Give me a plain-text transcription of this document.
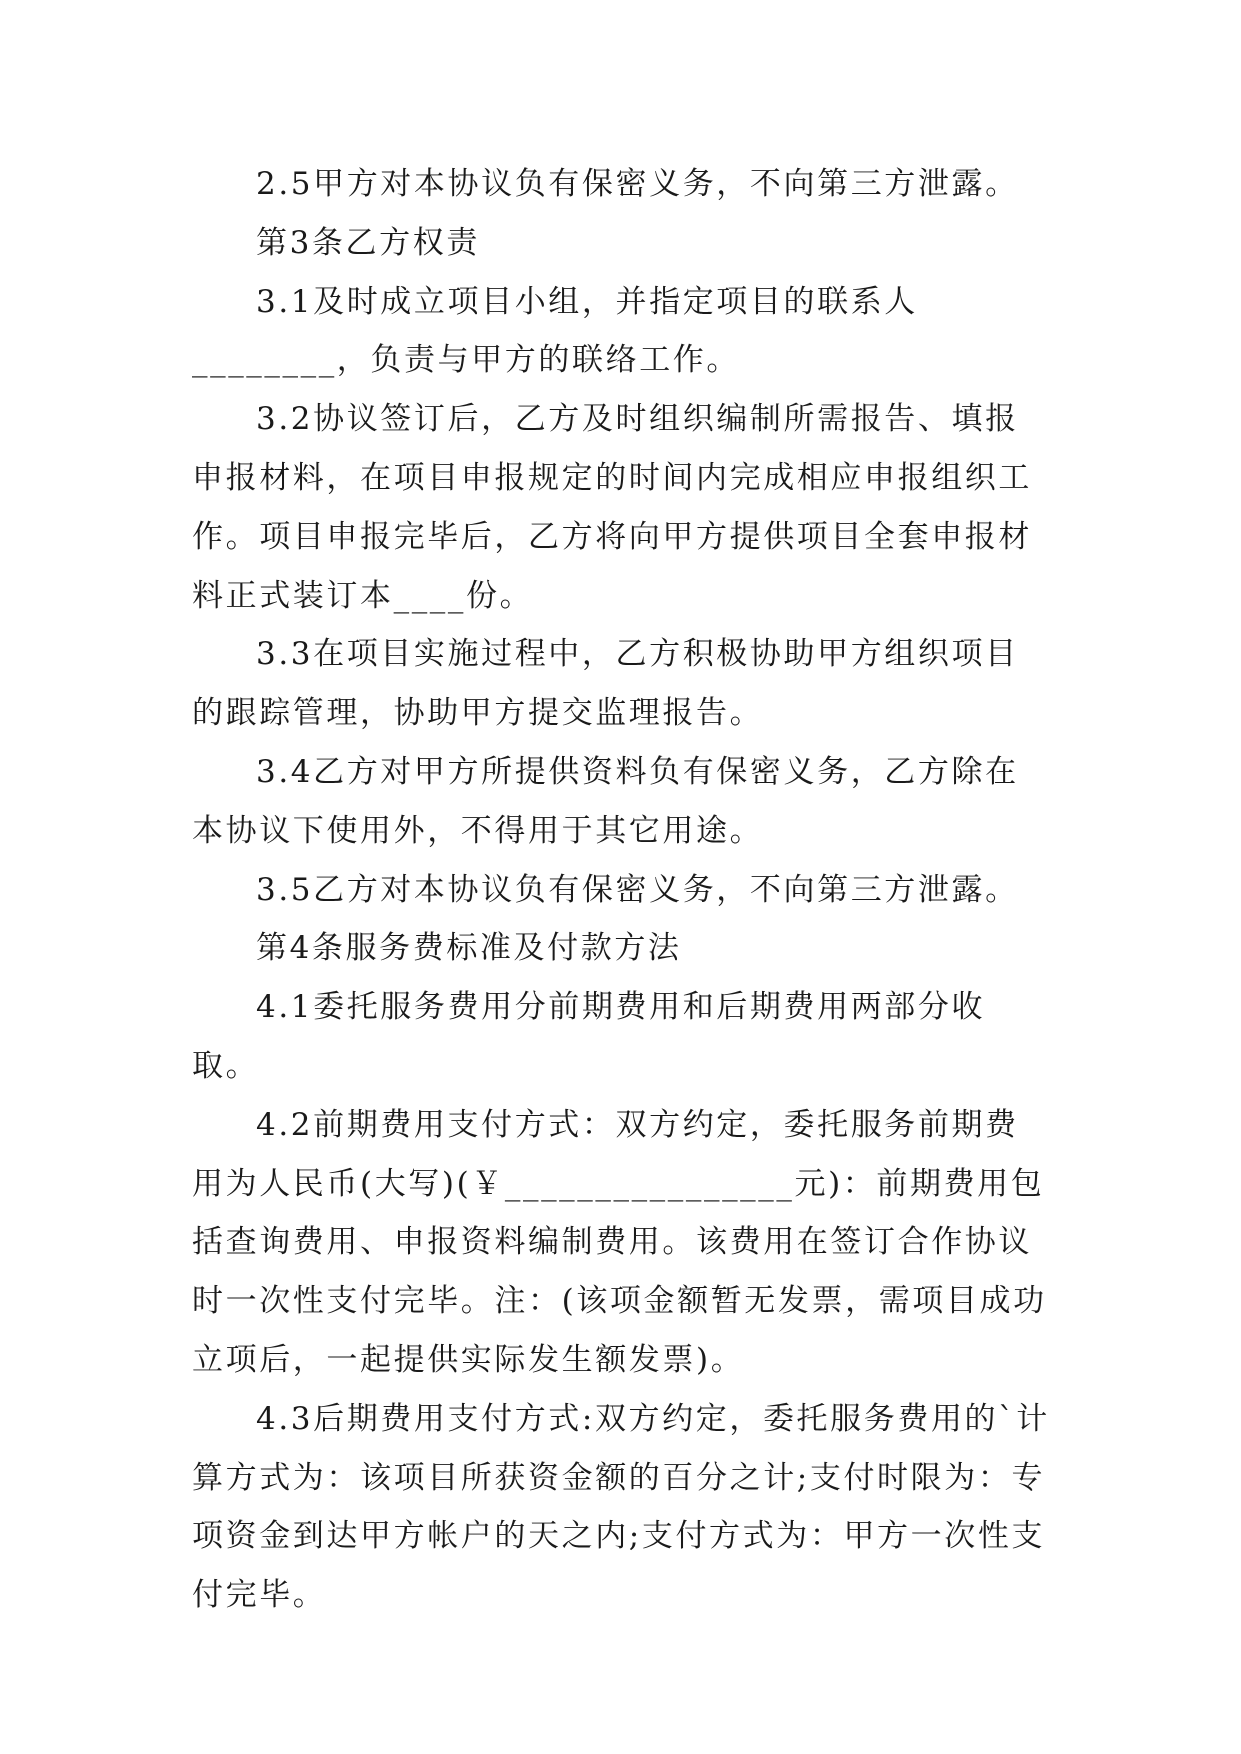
2.5甲方对本协议负有保密义务，不向第三方泄露。

第3条乙方权责

3.1及时成立项目小组，并指定项目的联系人________，负责与甲方的联络工作。

3.2协议签订后，乙方及时组织编制所需报告、填报申报材料，在项目申报规定的时间内完成相应申报组织工作。项目申报完毕后，乙方将向甲方提供项目全套申报材料正式装订本____份。

3.3在项目实施过程中，乙方积极协助甲方组织项目的跟踪管理，协助甲方提交监理报告。

3.4乙方对甲方所提供资料负有保密义务，乙方除在本协议下使用外，不得用于其它用途。

3.5乙方对本协议负有保密义务，不向第三方泄露。

第4条服务费标准及付款方法

4.1委托服务费用分前期费用和后期费用两部分收取。

4.2前期费用支付方式：双方约定，委托服务前期费用为人民币(大写)(￥________________元)：前期费用包括查询费用、申报资料编制费用。该费用在签订合作协议时一次性支付完毕。注：(该项金额暂无发票，需项目成功立项后，一起提供实际发生额发票)。

4.3后期费用支付方式:双方约定，委托服务费用的`计算方式为：该项目所获资金额的百分之计;支付时限为：专项资金到达甲方帐户的天之内;支付方式为：甲方一次性支付完毕。
